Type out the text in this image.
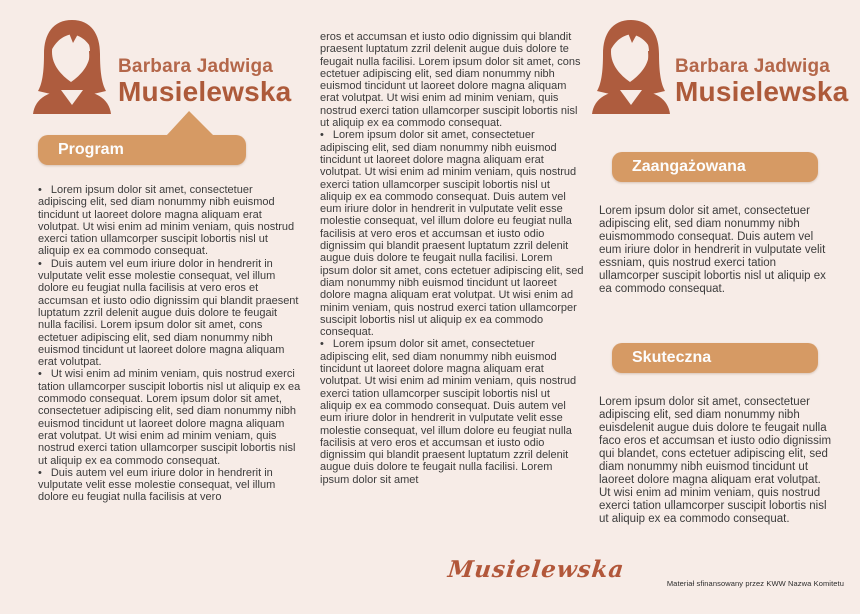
Barbara Jadwiga
Musielewska
Program

• Lorem ipsum dolor sit amet, consectetuer adipiscing elit, sed diam nonummy nibh euismod tincidunt ut laoreet dolore magna aliquam erat volutpat. Ut wisi enim ad minim veniam, quis nostrud exerci tation ullamcorper suscipit lobortis nisl ut aliquip ex ea commodo consequat.

• Duis autem vel eum iriure dolor in hendrerit in vulputate velit esse molestie consequat, vel illum dolore eu feugiat nulla facilisis at vero eros et accumsan et iusto odio dignissim qui blandit praesent luptatum zzril delenit augue duis dolore te feugait nulla facilisi. Lorem ipsum dolor sit amet, cons ectetuer adipiscing elit, sed diam nonummy nibh euismod tincidunt ut laoreet dolore magna aliquam erat volutpat.

• Ut wisi enim ad minim veniam, quis nostrud exerci tation ullamcorper suscipit lobortis nisl ut aliquip ex ea commodo consequat. Lorem ipsum dolor sit amet, consectetuer adipiscing elit, sed diam nonummy nibh euismod tincidunt ut laoreet dolore magna aliquam erat volutpat. Ut wisi enim ad minim veniam, quis nostrud exerci tation ullamcorper suscipit lobortis nisl ut aliquip ex ea commodo consequat.

• Duis autem vel eum iriure dolor in hendrerit in vulputate velit esse molestie consequat, vel illum dolore eu feugiat nulla facilisis at vero

eros et accumsan et iusto odio dignissim qui blandit praesent luptatum zzril delenit augue duis dolore te feugait nulla facilisi. Lorem ipsum dolor sit amet, cons ectetuer adipiscing elit, sed diam nonummy nibh euismod tincidunt ut laoreet dolore magna aliquam erat volutpat. Ut wisi enim ad minim veniam, quis nostrud exerci tation ullamcorper suscipit lobortis nisl ut aliquip ex ea commodo consequat.

• Lorem ipsum dolor sit amet, consectetuer adipiscing elit, sed diam nonummy nibh euismod tincidunt ut laoreet dolore magna aliquam erat volutpat. Ut wisi enim ad minim veniam, quis nostrud exerci tation ullamcorper suscipit lobortis nisl ut aliquip ex ea commodo consequat. Duis autem vel eum iriure dolor in hendrerit in vulputate velit esse molestie consequat, vel illum dolore eu feugiat nulla facilisis at vero eros et accumsan et iusto odio dignissim qui blandit praesent luptatum zzril delenit augue duis dolore te feugait nulla facilisi. Lorem ipsum dolor sit amet, cons ectetuer adipiscing elit, sed diam nonummy nibh euismod tincidunt ut laoreet dolore magna aliquam erat volutpat. Ut wisi enim ad minim veniam, quis nostrud exerci tation ullamcorper suscipit lobortis nisl ut aliquip ex ea commodo consequat.

• Lorem ipsum dolor sit amet, consectetuer adipiscing elit, sed diam nonummy nibh euismod tincidunt ut laoreet dolore magna aliquam erat volutpat. Ut wisi enim ad minim veniam, quis nostrud exerci tation ullamcorper suscipit lobortis nisl ut aliquip ex ea commodo consequat. Duis autem vel eum iriure dolor in hendrerit in vulputate velit esse molestie consequat, vel illum dolore eu feugiat nulla facilisis at vero eros et accumsan et iusto odio dignissim qui blandit praesent luptatum zzril delenit augue duis dolore te feugait nulla facilisi. Lorem ipsum dolor sit amet

Musielewska
Barbara Jadwiga
Musielewska
Zaangażowana
Lorem ipsum dolor sit amet, consectetuer adipiscing elit, sed diam nonummy nibh euismommodo consequat. Duis autem vel eum iriure dolor in hendrerit in vulputate velit essniam, quis nostrud exerci tation ullamcorper suscipit lobortis nisl ut aliquip ex ea commodo consequat.
Skuteczna
Lorem ipsum dolor sit amet, consectetuer adipiscing elit, sed diam nonummy nibh euisdelenit augue duis dolore te feugait nulla faco eros et accumsan et iusto odio dignissim qui blandet, cons ectetuer adipiscing elit, sed diam nonummy nibh euismod tincidunt ut laoreet dolore magna aliquam erat volutpat. Ut wisi enim ad minim veniam, quis nostrud exerci tation ullamcorper suscipit lobortis nisl ut aliquip ex ea commodo consequat.
Materiał sfinansowany przez KWW Nazwa Komitetu
